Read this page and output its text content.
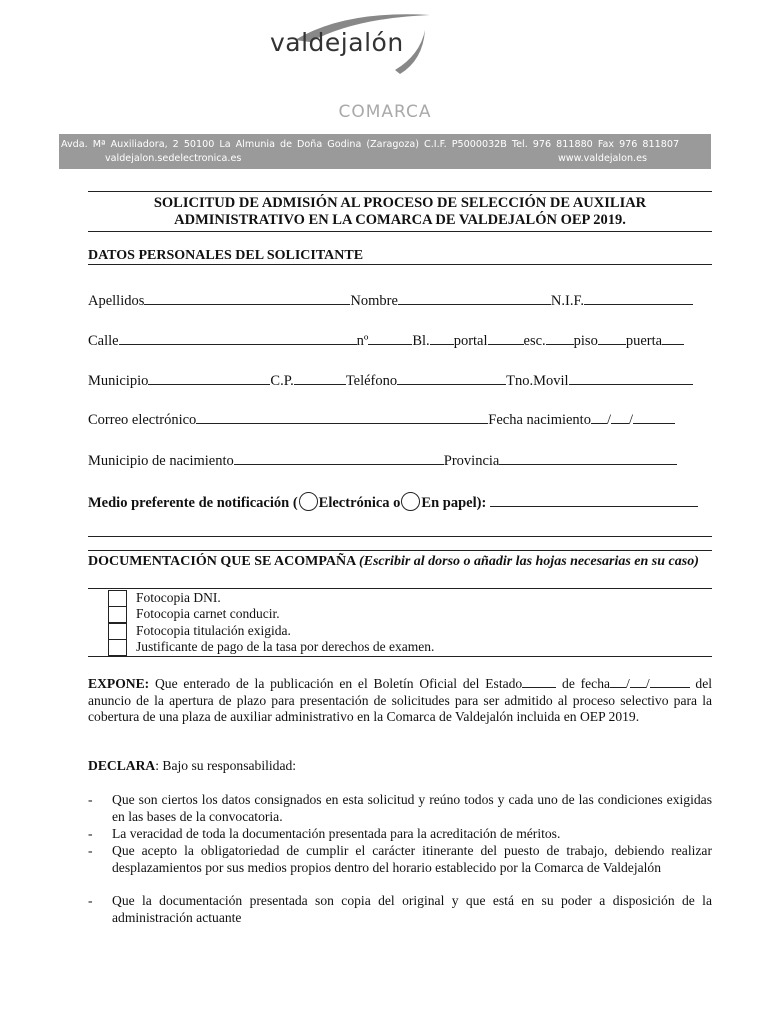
valdejalón
COMARCA
Avda. Mª Auxiliadora, 2 50100 La Almunia de Doña Godina (Zaragoza) C.I.F. P5000032B Tel. 976 811880 Fax 976 811807
valdejalon.sedelectronica.es	www.valdejalon.es
SOLICITUD DE ADMISIÓN AL PROCESO DE SELECCIÓN DE AUXILIAR ADMINISTRATIVO EN LA COMARCA DE VALDEJALÓN OEP 2019.
DATOS PERSONALES DEL SOLICITANTE
Apellidos	Nombre	N.I.F.
Calle	nº	Bl. portal esc. piso puerta
Municipio	C.P.	Teléfono	Tno.Movil
Correo electrónico	Fecha nacimiento / /
Municipio de nacimiento	Provincia
Medio preferente de notificación ( Electrónica o En papel):
DOCUMENTACIÓN QUE SE ACOMPAÑA (Escribir al dorso o añadir las hojas necesarias en su caso)
Fotocopia DNI.
Fotocopia carnet conducir.
Fotocopia titulación exigida.
Justificante de pago de la tasa por derechos de examen.
EXPONE: Que enterado de la publicación en el Boletín Oficial del Estado	de fecha / /	del anuncio de la apertura de plazo para presentación de solicitudes para ser admitido al proceso selectivo para la cobertura de una plaza de auxiliar administrativo en la Comarca de Valdejalón incluida en OEP 2019.
DECLARA: Bajo su responsabilidad:
- Que son ciertos los datos consignados en esta solicitud y reúno todos y cada uno de las condiciones exigidas en las bases de la convocatoria.
- La veracidad de toda la documentación presentada para la acreditación de méritos.
- Que acepto la obligatoriedad de cumplir el carácter itinerante del puesto de trabajo, debiendo realizar desplazamientos por sus medios propios dentro del horario establecido por la Comarca de Valdejalón
- Que la documentación presentada son copia del original y que está en su poder a disposición de la administración actuante
